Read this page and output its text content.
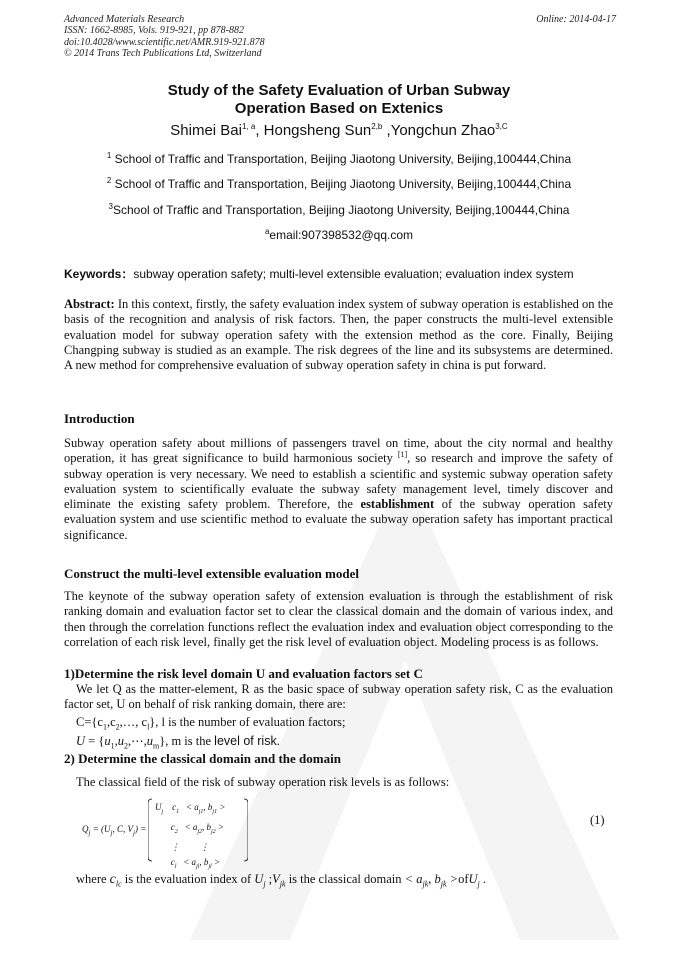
Advanced Materials Research
ISSN: 1662-8985, Vols. 919-921, pp 878-882
doi:10.4028/www.scientific.net/AMR.919-921.878
© 2014 Trans Tech Publications Ltd, Switzerland
Online: 2014-04-17
Study of the Safety Evaluation of Urban Subway
Operation Based on Extenics
Shimei Bai$^{1, a}$, Hongsheng Sun$^{2,b}$ ,Yongchun Zhao$^{3,C}$
$^1$ School of Traffic and Transportation, Beijing Jiaotong University, Beijing,100444,China
$^2$ School of Traffic and Transportation, Beijing Jiaotong University, Beijing,100444,China
$^3$School of Traffic and Transportation, Beijing Jiaotong University, Beijing,100444,China
$^a$email:907398532@qq.com
Keywords：subway operation safety; multi-level extensible evaluation; evaluation index system
Abstract: In this context, firstly, the safety evaluation index system of subway operation is established on the basis of the recognition and analysis of risk factors. Then, the paper constructs the multi-level extensible evaluation model for subway operation safety with the extension method as the core. Finally, Beijing Changping subway is studied as an example. The risk degrees of the line and its subsystems are determined. A new method for comprehensive evaluation of subway operation safety in china is put forward.
Introduction
Subway operation safety about millions of passengers travel on time, about the city normal and healthy operation, it has great significance to build harmonious society [1], so research and improve the safety of subway operation is very necessary. We need to establish a scientific and systemic subway operation safety evaluation system to scientifically evaluate the subway safety management level, timely discover and eliminate the existing safety problem. Therefore, the establishment of the subway operation safety evaluation system and use scientific method to evaluate the subway operation safety has important practical significance.
Construct the multi-level extensible evaluation model
The keynote of the subway operation safety of extension evaluation is through the establishment of risk ranking domain and evaluation factor set to clear the classical domain and the domain of various index, and then through the correlation functions reflect the evaluation index and evaluation object corresponding to the correlation of each risk level, finally get the risk level of evaluation object. Modeling process is as follows.
1)Determine the risk level domain U and evaluation factors set C
We let Q as the matter-element, R as the basic space of subway operation safety risk, C as the evaluation factor set, U on behalf of risk ranking domain, there are:
$C=\{c_1,c_2,\dots$, $c_l$}, l is the number of evaluation factors;
$U = \{u_1,u_2,\cdots,u_m\}$, m is the level of risk.
2) Determine the classical domain and the domain
The classical field of the risk of subway operation risk levels is as follows:
$Q_j = (U_j$, C, $V_j$) =
$U_j$    $c_1 < a_{j1}$, $b_{j1}$ >
$c_2 < a_{j2}$, $b_{j2}$ >
⋮         ⋮
$c_l < a_{jl}$, $b_{jl}$ >
(1)
where $c_{lc}$ is the evaluation index of $U_j$ $;V_{jk}$ is the classical domain < $a_{jk}$, $b_{jk} >ofU_j$ .
